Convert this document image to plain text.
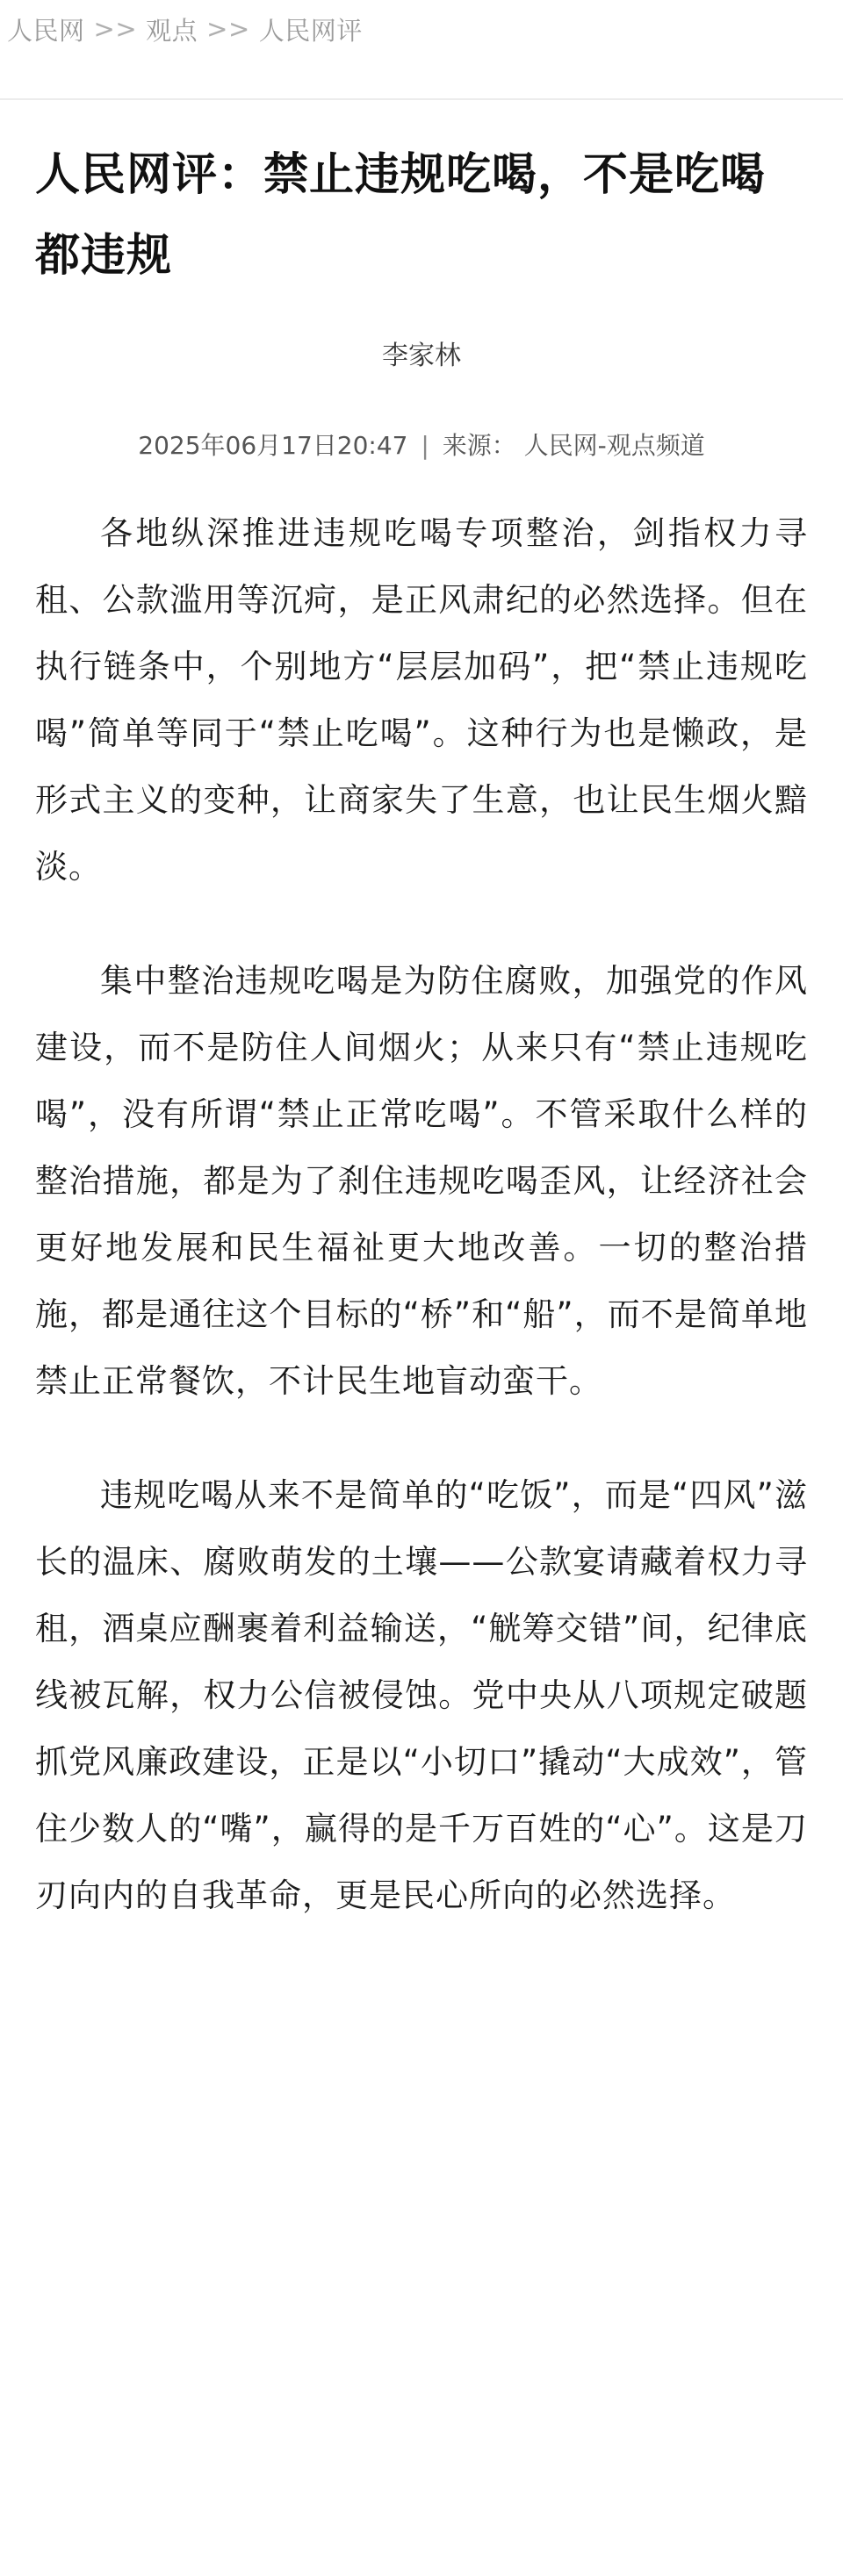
人民网 >> 观点 >> 人民网评
人民网评：禁止违规吃喝，不是吃喝都违规
李家林
2025年06月17日20:47 | 来源： 人民网-观点频道

各地纵深推进违规吃喝专项整治，剑指权力寻租、公款滥用等沉疴，是正风肃纪的必然选择。但在执行链条中，个别地方“层层加码”，把“禁止违规吃喝”简单等同于“禁止吃喝”。这种行为也是懒政，是形式主义的变种，让商家失了生意，也让民生烟火黯淡。

集中整治违规吃喝是为防住腐败，加强党的作风建设，而不是防住人间烟火；从来只有“禁止违规吃喝”，没有所谓“禁止正常吃喝”。不管采取什么样的整治措施，都是为了刹住违规吃喝歪风，让经济社会更好地发展和民生福祉更大地改善。一切的整治措施，都是通往这个目标的“桥”和“船”，而不是简单地禁止正常餐饮，不计民生地盲动蛮干。

违规吃喝从来不是简单的“吃饭”，而是“四风”滋长的温床、腐败萌发的土壤——公款宴请藏着权力寻租，酒桌应酬裹着利益输送，“觥筹交错”间，纪律底线被瓦解，权力公信被侵蚀。党中央从八项规定破题抓党风廉政建设，正是以“小切口”撬动“大成效”，管住少数人的“嘴”，赢得的是千万百姓的“心”。这是刀刃向内的自我革命，更是民心所向的必然选择。
